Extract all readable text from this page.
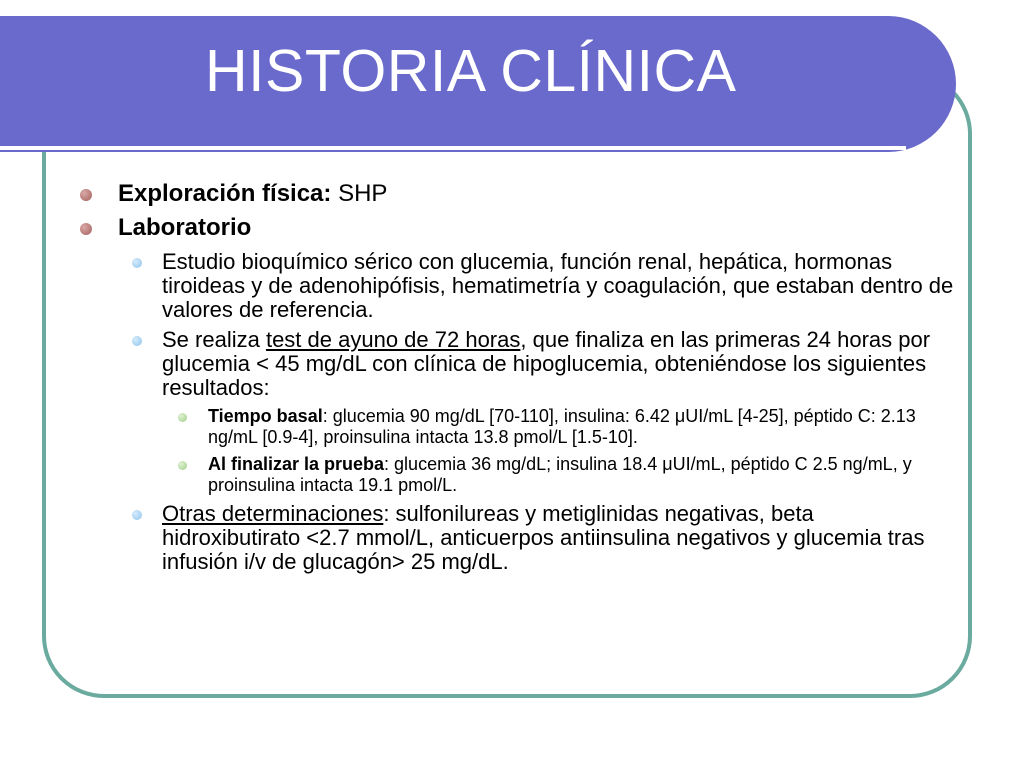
HISTORIA CLÍNICA
Exploración física: SHP
Laboratorio
Estudio bioquímico sérico con glucemia, función renal, hepática, hormonas tiroideas y de adenohipófisis, hematimetría y coagulación, que estaban dentro de valores de referencia.
Se realiza test de ayuno de 72 horas, que finaliza en las primeras 24 horas por glucemia < 45 mg/dL con clínica de hipoglucemia, obteniéndose los siguientes resultados:
Tiempo basal: glucemia 90 mg/dL [70-110], insulina: 6.42 μUI/mL [4-25], péptido C: 2.13 ng/mL [0.9-4], proinsulina intacta 13.8 pmol/L [1.5-10].
Al finalizar la prueba: glucemia 36 mg/dL; insulina 18.4 μUI/mL, péptido C 2.5 ng/mL, y proinsulina intacta 19.1 pmol/L.
Otras determinaciones: sulfonilureas y metiglinidas negativas, beta hidroxibutirato <2.7 mmol/L, anticuerpos antiinsulina negativos y glucemia tras infusión i/v de glucagón> 25 mg/dL.
